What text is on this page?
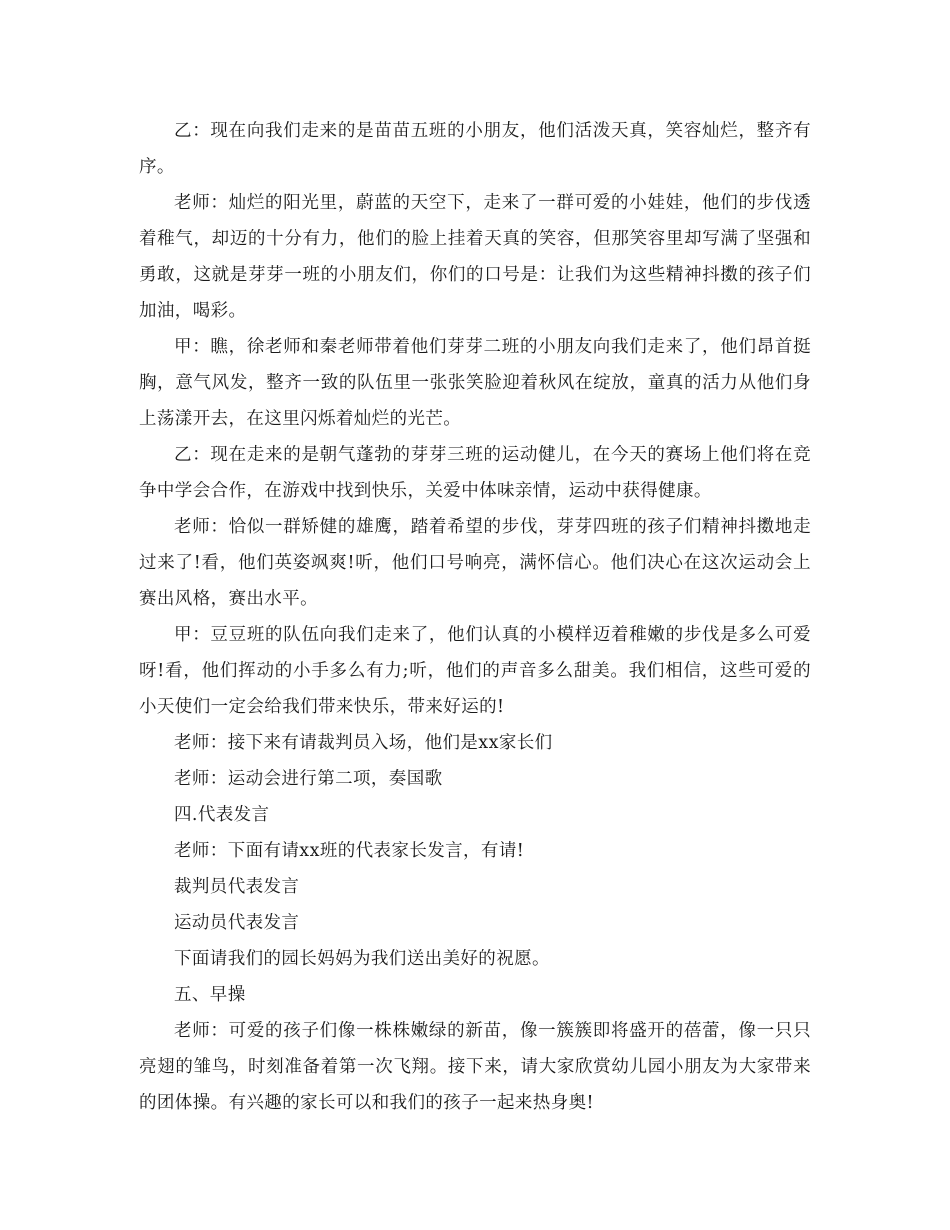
乙：现在向我们走来的是苗苗五班的小朋友，他们活泼天真，笑容灿烂，整齐有序。

老师：灿烂的阳光里，蔚蓝的天空下，走来了一群可爱的小娃娃，他们的步伐透着稚气，却迈的十分有力，他们的脸上挂着天真的笑容，但那笑容里却写满了坚强和勇敢，这就是芽芽一班的小朋友们，你们的口号是：让我们为这些精神抖擞的孩子们加油，喝彩。

甲：瞧，徐老师和秦老师带着他们芽芽二班的小朋友向我们走来了，他们昂首挺胸，意气风发，整齐一致的队伍里一张张笑脸迎着秋风在绽放，童真的活力从他们身上荡漾开去，在这里闪烁着灿烂的光芒。

乙：现在走来的是朝气蓬勃的芽芽三班的运动健儿，在今天的赛场上他们将在竞争中学会合作，在游戏中找到快乐，关爱中体味亲情，运动中获得健康。

老师：恰似一群矫健的雄鹰，踏着希望的步伐，芽芽四班的孩子们精神抖擞地走过来了!看，他们英姿飒爽!听，他们口号响亮，满怀信心。他们决心在这次运动会上赛出风格，赛出水平。

甲：豆豆班的队伍向我们走来了，他们认真的小模样迈着稚嫩的步伐是多么可爱呀!看，他们挥动的小手多么有力;听，他们的声音多么甜美。我们相信，这些可爱的小天使们一定会给我们带来快乐，带来好运的!

老师：接下来有请裁判员入场，他们是xx家长们

老师：运动会进行第二项，奏国歌

四.代表发言

老师：下面有请xx班的代表家长发言，有请!

裁判员代表发言

运动员代表发言

下面请我们的园长妈妈为我们送出美好的祝愿。

五、早操

老师：可爱的孩子们像一株株嫩绿的新苗，像一簇簇即将盛开的蓓蕾，像一只只亮翅的雏鸟，时刻准备着第一次飞翔。接下来，请大家欣赏幼儿园小朋友为大家带来的团体操。有兴趣的家长可以和我们的孩子一起来热身奥!
